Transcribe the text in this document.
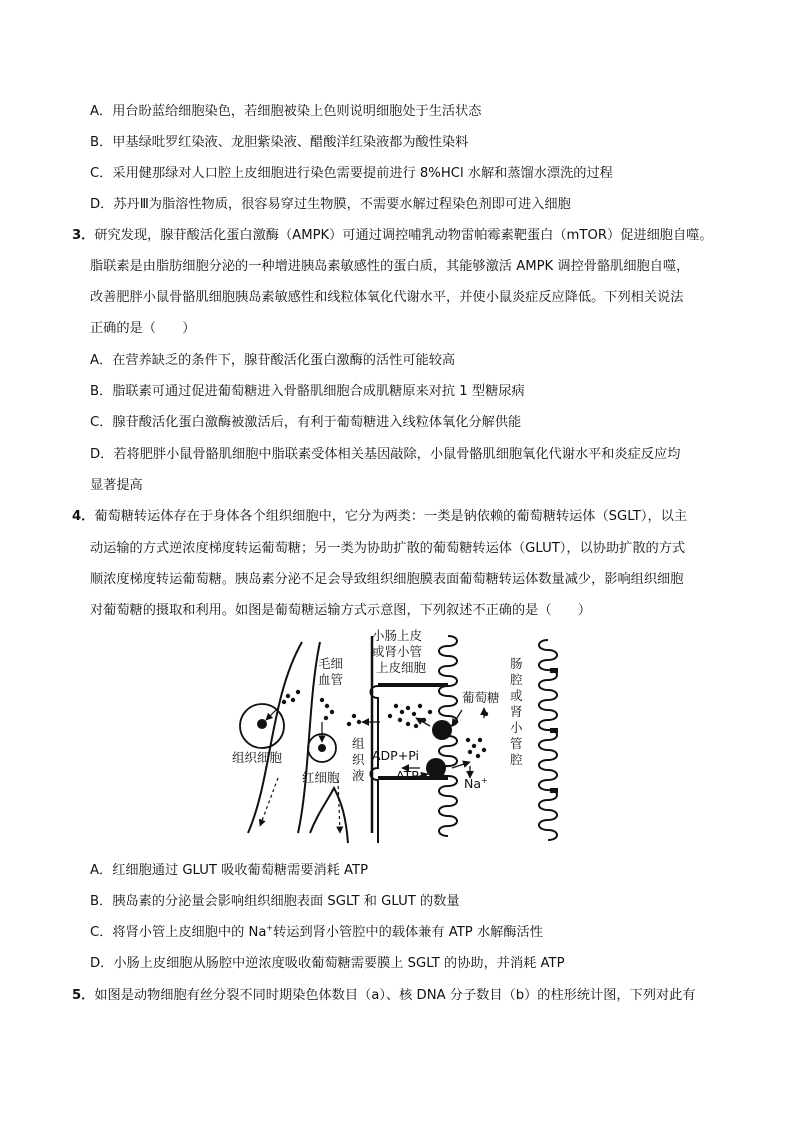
A．用台盼蓝给细胞染色，若细胞被染上色则说明细胞处于生活状态
B．甲基绿吡罗红染液、龙胆紫染液、醋酸洋红染液都为酸性染料
C．采用健那绿对人口腔上皮细胞进行染色需要提前进行 8%HCl 水解和蒸馏水漂洗的过程
D．苏丹Ⅲ为脂溶性物质，很容易穿过生物膜，不需要水解过程染色剂即可进入细胞
3．研究发现，腺苷酸活化蛋白激酶（AMPK）可通过调控哺乳动物雷帕霉素靶蛋白（mTOR）促进细胞自噬。
脂联素是由脂肪细胞分泌的一种增进胰岛素敏感性的蛋白质，其能够激活 AMPK 调控骨骼肌细胞自噬，
改善肥胖小鼠骨骼肌细胞胰岛素敏感性和线粒体氧化代谢水平，并使小鼠炎症反应降低。下列相关说法
正确的是（　　）
A．在营养缺乏的条件下，腺苷酸活化蛋白激酶的活性可能较高
B．脂联素可通过促进葡萄糖进入骨骼肌细胞合成肌糖原来对抗 1 型糖尿病
C．腺苷酸活化蛋白激酶被激活后，有利于葡萄糖进入线粒体氧化分解供能
D．若将肥胖小鼠骨骼肌细胞中脂联素受体相关基因敲除，小鼠骨骼肌细胞氧化代谢水平和炎症反应均
显著提高
4．葡萄糖转运体存在于身体各个组织细胞中，它分为两类：一类是钠依赖的葡萄糖转运体（SGLT），以主
动运输的方式逆浓度梯度转运葡萄糖；另一类为协助扩散的葡萄糖转运体（GLUT），以协助扩散的方式
顺浓度梯度转运葡萄糖。胰岛素分泌不足会导致组织细胞膜表面葡萄糖转运体数量减少，影响组织细胞
对葡萄糖的摄取和利用。如图是葡萄糖运输方式示意图，下列叙述不正确的是（　　）
小肠上皮
或肾小管
上皮细胞
毛细
血管
葡萄糖
肠
腔
或
肾
小
管
腔
组织细胞
组
织
液
红细胞
ADP+Pi
ATP
Na+
A．红细胞通过 GLUT 吸收葡萄糖需要消耗 ATP
B．胰岛素的分泌量会影响组织细胞表面 SGLT 和 GLUT 的数量
C．将肾小管上皮细胞中的 Na+转运到肾小管腔中的载体兼有 ATP 水解酶活性
D．小肠上皮细胞从肠腔中逆浓度吸收葡萄糖需要膜上 SGLT 的协助，并消耗 ATP
5．如图是动物细胞有丝分裂不同时期染色体数目（a）、核 DNA 分子数目（b）的柱形统计图，下列对此有
